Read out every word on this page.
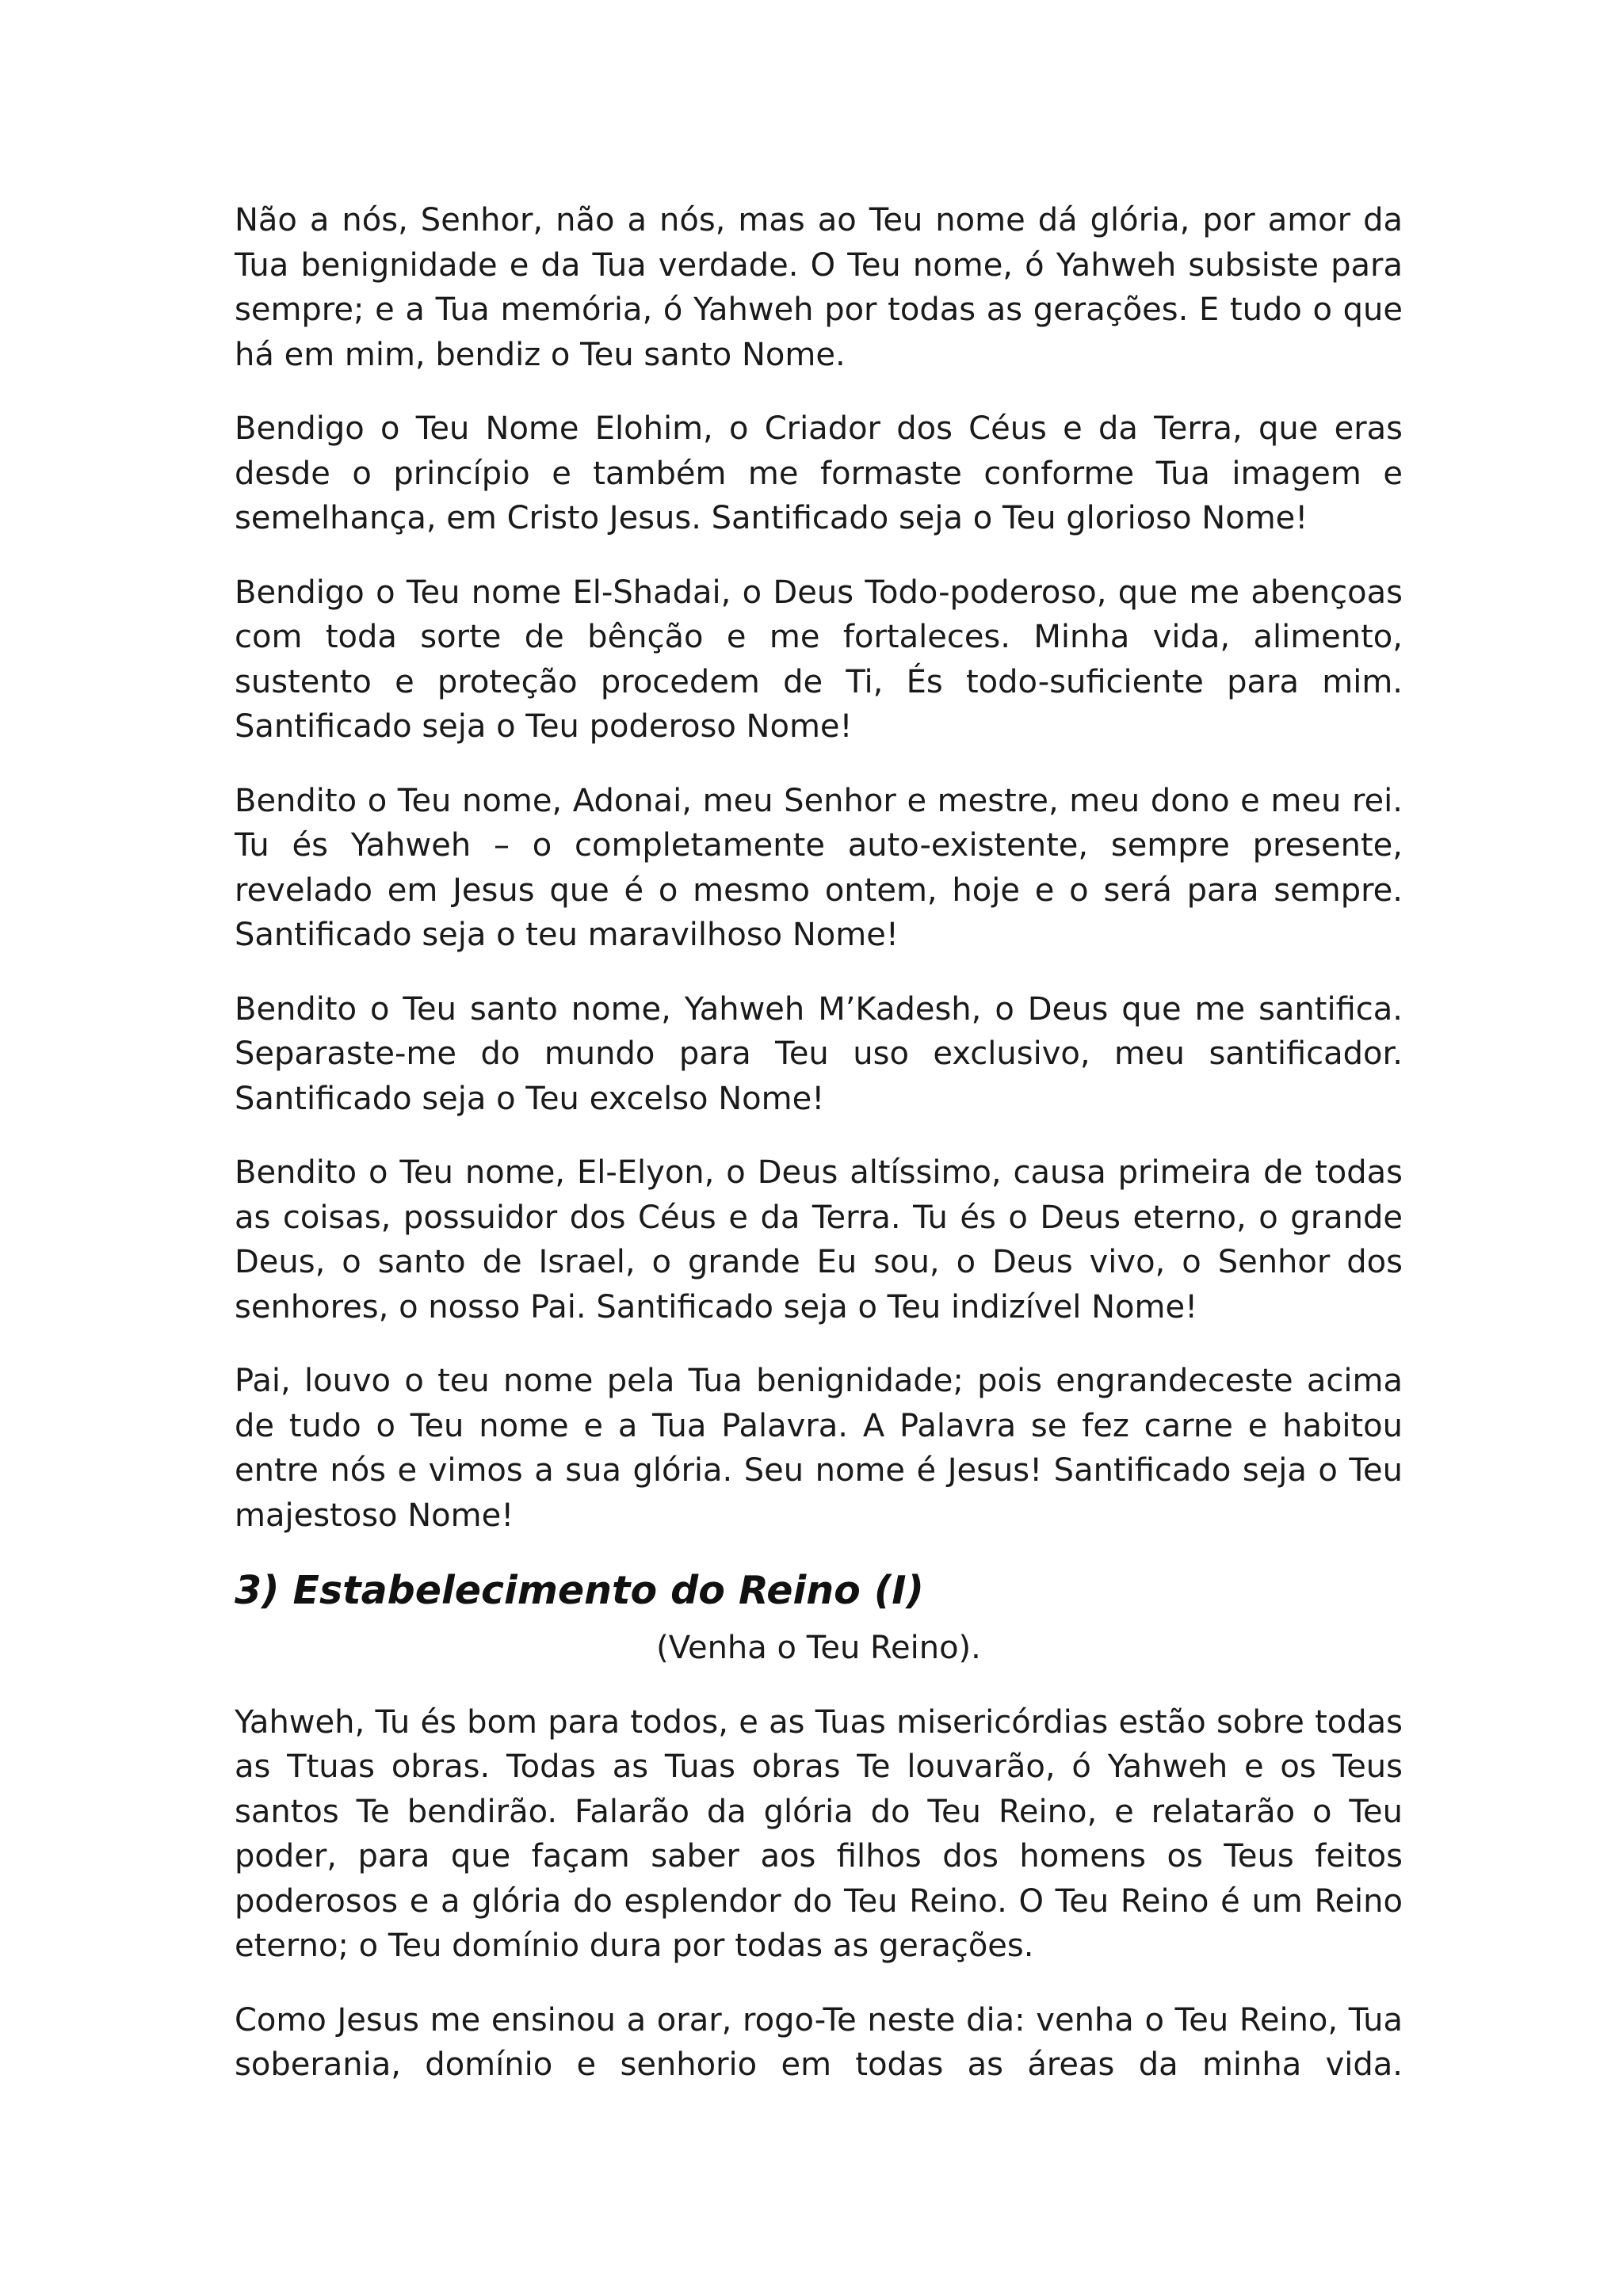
Não a nós, Senhor, não a nós, mas ao Teu nome dá glória, por amor da Tua benignidade e da Tua verdade. O Teu nome, ó Yahweh subsiste para sempre; e a Tua memória, ó Yahweh por todas as gerações. E tudo o que há em mim, bendiz o Teu santo Nome.

Bendigo o Teu Nome Elohim, o Criador dos Céus e da Terra, que eras desde o princípio e também me formaste conforme Tua imagem e semelhança, em Cristo Jesus. Santificado seja o Teu glorioso Nome!

Bendigo o Teu nome El-Shadai, o Deus Todo-poderoso, que me abençoas com toda sorte de bênção e me fortaleces. Minha vida, alimento, sustento e proteção procedem de Ti, És todo-suficiente para mim. Santificado seja o Teu poderoso Nome!

Bendito o Teu nome, Adonai, meu Senhor e mestre, meu dono e meu rei. Tu és Yahweh – o completamente auto-existente, sempre presente, revelado em Jesus que é o mesmo ontem, hoje e o será para sempre. Santificado seja o teu maravilhoso Nome!

Bendito o Teu santo nome, Yahweh M’Kadesh, o Deus que me santifica. Separaste-me do mundo para Teu uso exclusivo, meu santificador. Santificado seja o Teu excelso Nome!

Bendito o Teu nome, El-Elyon, o Deus altíssimo, causa primeira de todas as coisas, possuidor dos Céus e da Terra. Tu és o Deus eterno, o grande Deus, o santo de Israel, o grande Eu sou, o Deus vivo, o Senhor dos senhores, o nosso Pai. Santificado seja o Teu indizível Nome!

Pai, louvo o teu nome pela Tua benignidade; pois engrandeceste acima de tudo o Teu nome e a Tua Palavra. A Palavra se fez carne e habitou entre nós e vimos a sua glória. Seu nome é Jesus! Santificado seja o Teu majestoso Nome!

3) Estabelecimento do Reino (I)

(Venha o Teu Reino).

Yahweh, Tu és bom para todos, e as Tuas misericórdias estão sobre todas as Ttuas obras. Todas as Tuas obras Te louvarão, ó Yahweh e os Teus santos Te bendirão. Falarão da glória do Teu Reino, e relatarão o Teu poder, para que façam saber aos filhos dos homens os Teus feitos poderosos e a glória do esplendor do Teu Reino. O Teu Reino é um Reino eterno; o Teu domínio dura por todas as gerações.

Como Jesus me ensinou a orar, rogo-Te neste dia: venha o Teu Reino, Tua soberania, domínio e senhorio em todas as áreas da minha vida.
